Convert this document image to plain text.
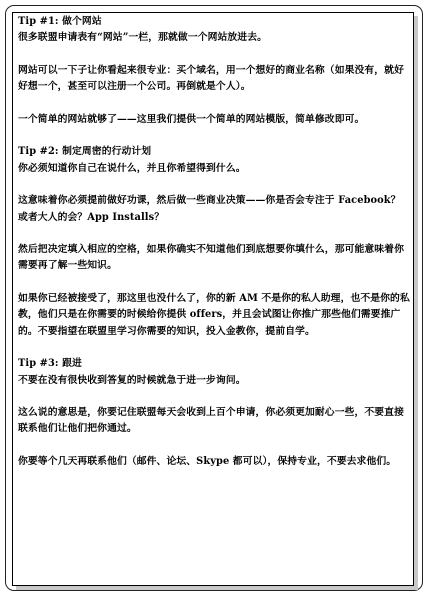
Tip #1: 做个网站

很多联盟申请表有“网站”一栏，那就做一个网站放进去。

网站可以一下子让你看起来很专业：买个域名，用一个想好的商业名称（如果没有，就好好想一个，甚至可以注册一个公司。再倒就是个人）。

一个简单的网站就够了——这里我们提供一个简单的网站模版，简单修改即可。

Tip #2: 制定周密的行动计划

你必须知道你自己在说什么，并且你希望得到什么。

这意味着你必须提前做好功课，然后做一些商业决策——你是否会专注于 Facebook？或者大人的会？App Installs？

然后把决定填入相应的空格，如果你确实不知道他们到底想要你填什么，那可能意味着你需要再了解一些知识。

如果你已经被接受了，那这里也没什么了，你的新 AM 不是你的私人助理，也不是你的私教，他们只是在你需要的时候给你提供 offers，并且会试图让你推广那些他们需要推广的。不要指望在联盟里学习你需要的知识，投入金教你，提前自学。

Tip #3: 跟进

不要在没有很快收到答复的时候就急于进一步询问。

这么说的意思是，你要记住联盟每天会收到上百个申请，你必须更加耐心一些，不要直接联系他们让他们把你通过。

你要等个几天再联系他们（邮件、论坛、Skype 都可以），保持专业，不要去求他们。
